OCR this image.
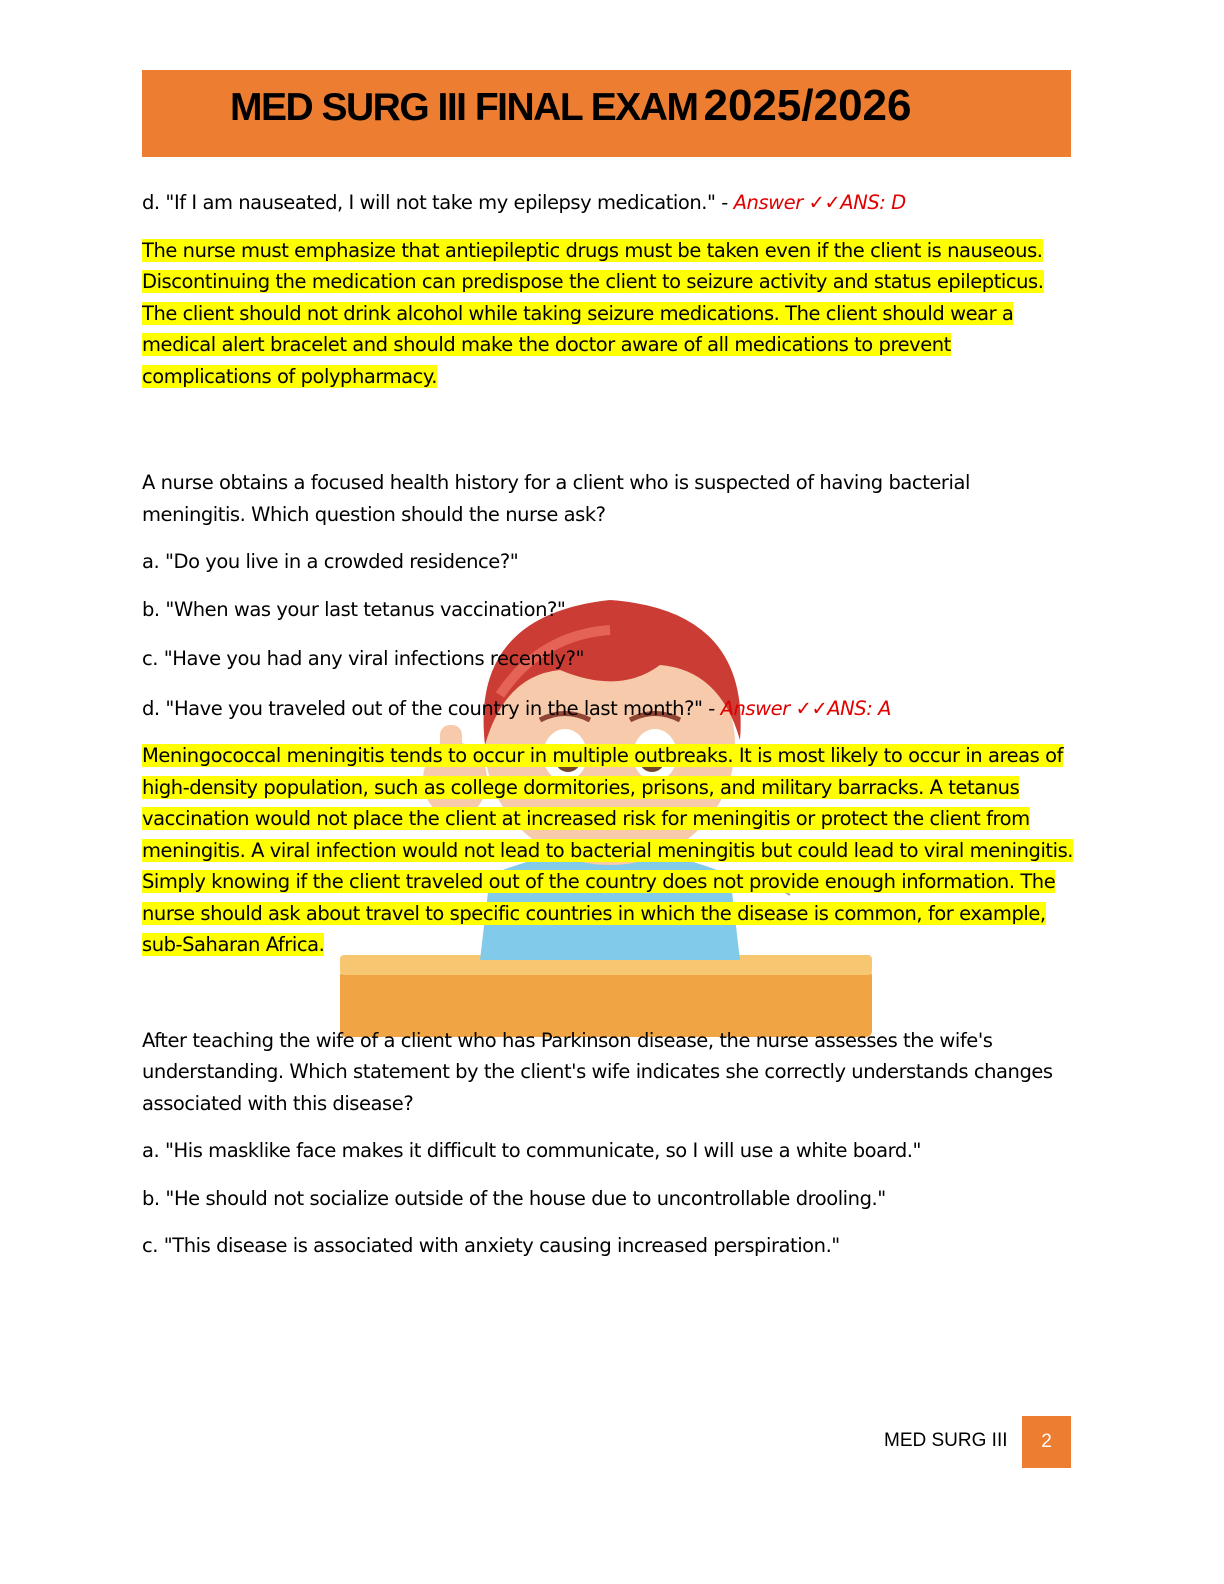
MED SURG III FINAL EXAM 2025/2026

d. "If I am nauseated, I will not take my epilepsy medication." - Answer ✓✓ANS: D

The nurse must emphasize that antiepileptic drugs must be taken even if the client is nauseous. Discontinuing the medication can predispose the client to seizure activity and status epilepticus. The client should not drink alcohol while taking seizure medications. The client should wear a medical alert bracelet and should make the doctor aware of all medications to prevent complications of polypharmacy.

A nurse obtains a focused health history for a client who is suspected of having bacterial meningitis. Which question should the nurse ask?

a. "Do you live in a crowded residence?"

b. "When was your last tetanus vaccination?"

c. "Have you had any viral infections recently?"

d. "Have you traveled out of the country in the last month?" - Answer ✓✓ANS: A

Meningococcal meningitis tends to occur in multiple outbreaks. It is most likely to occur in areas of high-density population, such as college dormitories, prisons, and military barracks. A tetanus vaccination would not place the client at increased risk for meningitis or protect the client from meningitis. A viral infection would not lead to bacterial meningitis but could lead to viral meningitis. Simply knowing if the client traveled out of the country does not provide enough information. The nurse should ask about travel to specific countries in which the disease is common, for example, sub-Saharan Africa.

After teaching the wife of a client who has Parkinson disease, the nurse assesses the wife's understanding. Which statement by the client's wife indicates she correctly understands changes associated with this disease?

a. "His masklike face makes it difficult to communicate, so I will use a white board."

b. "He should not socialize outside of the house due to uncontrollable drooling."

c. "This disease is associated with anxiety causing increased perspiration."

MED SURG III	2
